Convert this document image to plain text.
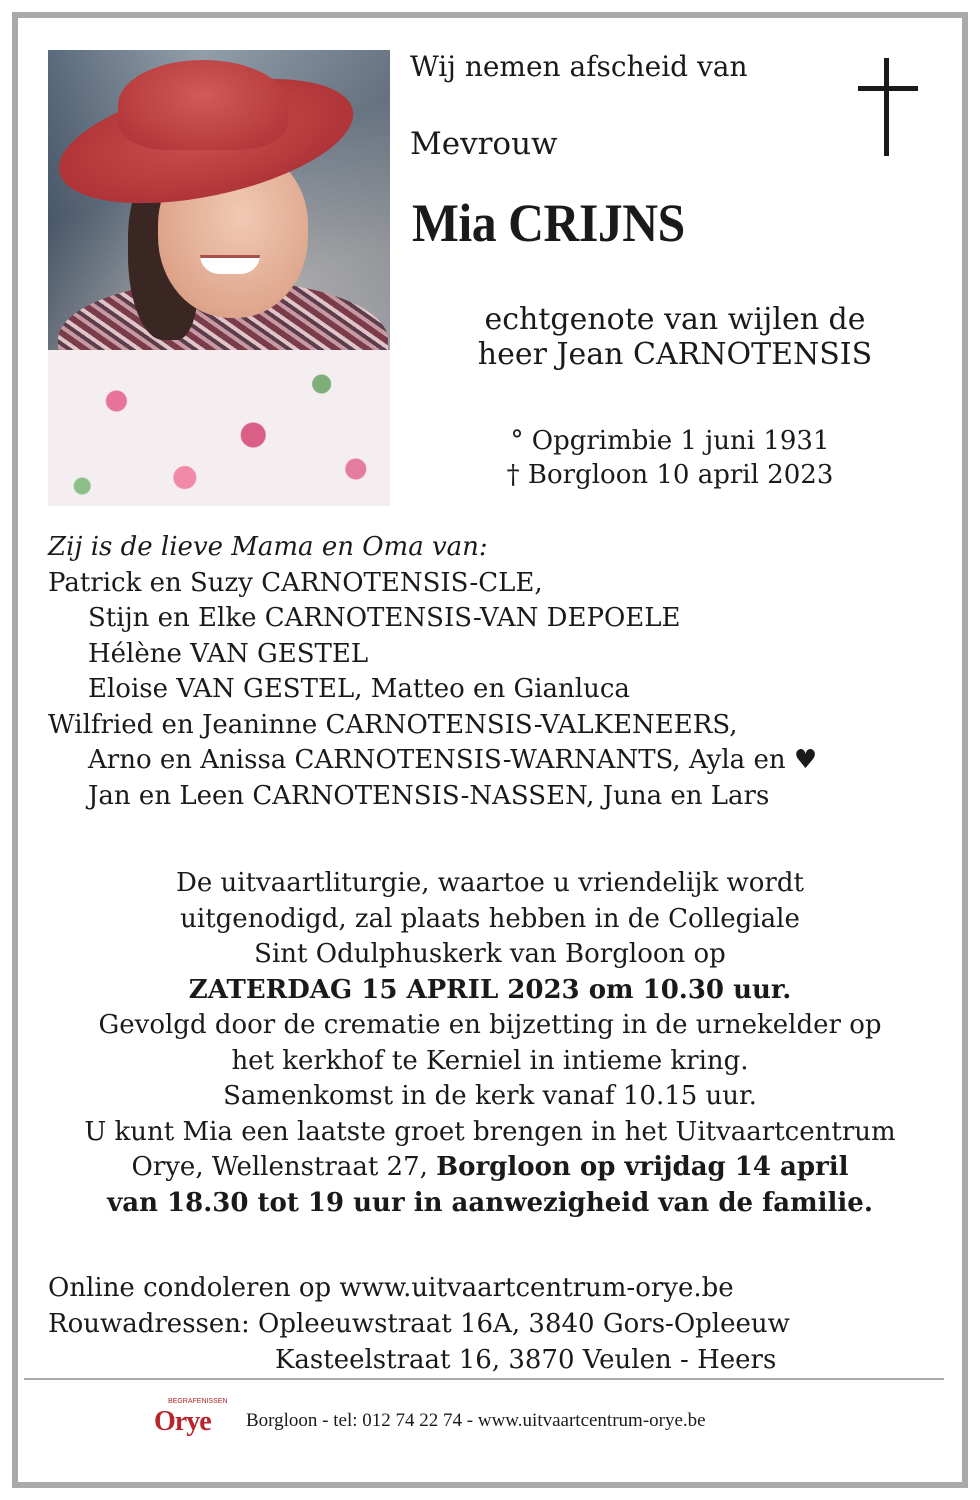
Wij nemen afscheid van
Mevrouw
Mia CRIJNS
echtgenote van wijlen de
heer Jean CARNOTENSIS
° Opgrimbie 1 juni 1931
† Borgloon 10 april 2023
Zij is de lieve Mama en Oma van:
Patrick en Suzy CARNOTENSIS-CLE,
Stijn en Elke CARNOTENSIS-VAN DEPOELE
Hélène VAN GESTEL
Eloise VAN GESTEL, Matteo en Gianluca
Wilfried en Jeaninne CARNOTENSIS-VALKENEERS,
Arno en Anissa CARNOTENSIS-WARNANTS, Ayla en ♥
Jan en Leen CARNOTENSIS-NASSEN, Juna en Lars
De uitvaartliturgie, waartoe u vriendelijk wordt
uitgenodigd, zal plaats hebben in de Collegiale
Sint Odulphuskerk van Borgloon op
ZATERDAG 15 APRIL 2023 om 10.30 uur.
Gevolgd door de crematie en bijzetting in de urnekelder op
het kerkhof te Kerniel in intieme kring.
Samenkomst in de kerk vanaf 10.15 uur.
U kunt Mia een laatste groet brengen in het Uitvaartcentrum
Orye, Wellenstraat 27, Borgloon op vrijdag 14 april
van 18.30 tot 19 uur in aanwezigheid van de familie.
Online condoleren op www.uitvaartcentrum-orye.be
Rouwadressen: Opleeuwstraat 16A, 3840 Gors-Opleeuw
Kasteelstraat 16, 3870 Veulen - Heers
BEGRAFENISSEN
Orye Borgloon - tel: 012 74 22 74 - www.uitvaartcentrum-orye.be
